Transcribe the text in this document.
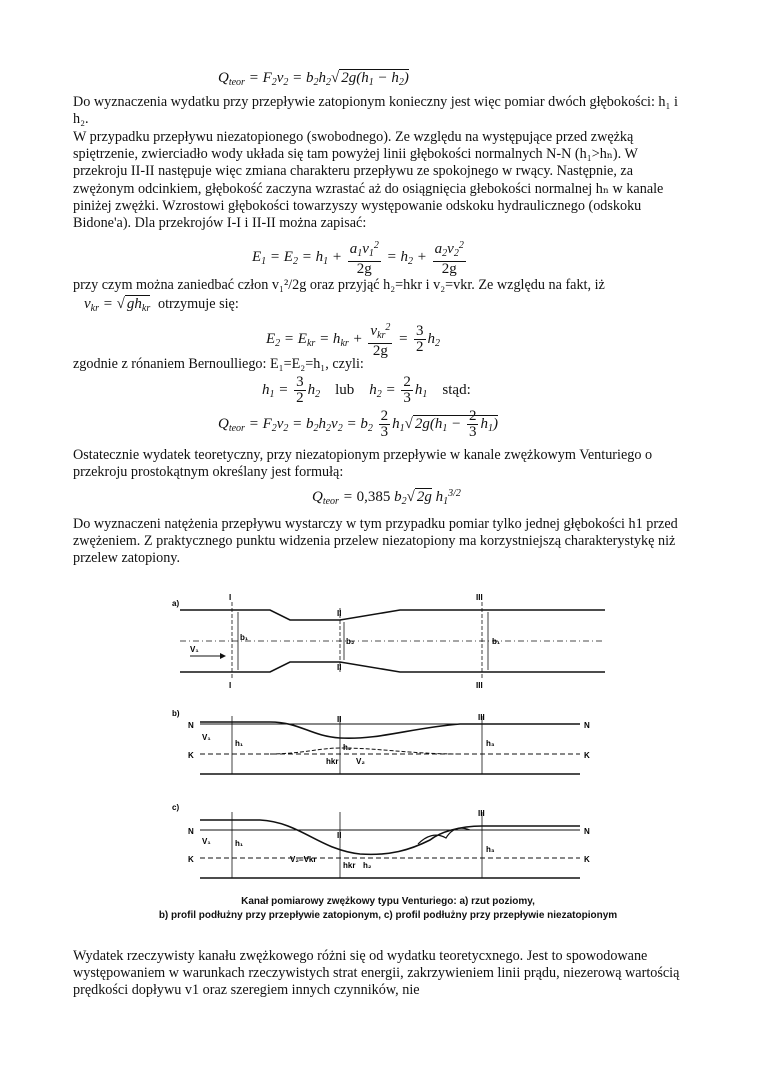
$Q_{teor} = F_2v_2 = b_2h_2√$ $2g(h_1 - h_2)$

Do wyznaczenia wydatku przy przepływie zatopionym konieczny jest więc pomiar dwóch głębokości: h₁ i h₂.

W przypadku przepływu niezatopionego (swobodnego). Ze względu na występujące przed zwężką spiętrzenie, zwierciadło wody układa się tam powyżej linii głębokości normalnych N-N (h₁>hₙ). W przekroju II-II następuje więc zmiana charakteru przepływu ze spokojnego w rwący. Następnie, za zwężonym odcinkiem, głębokość zaczyna wzrastać aż do osiągnięcia głebokości normalnej hₙ w kanale piniżej zwężki. Wzrostowi głębokości towarzyszy występowanie odskoku hydraulicznego (odskoku Bidone'a). Dla przekrojów I-I i II-II można zapisać:

$E_1 = E_2 = h_1 + \frac{a_1v_1^2}{2g} = h_2 + \frac{a_2v_2^2}{2g}$

przy czym można zaniedbać człon v₁²/2g oraz przyjąć h₂=hkr i v₂=vkr. Ze względu na fakt, iż

$v_{kr}$ = √ $gh_{kr}$ otrzymuje się:

$E_2 = E_{kr} = h_{kr} + \frac{v_{kr}^2}{2g} = \frac{3}{2} h_2$

zgodnie z rónaniem Bernoulliego: E₁=E₂=h₁, czyli:

$h_1 = \frac{3}{2} h_2$    lub    $h_2 = \frac{2}{3} h_1$    stąd:
$Q_{teor} = F_2v_2 = b_2h_2v_2 = b_2 \frac{2}{3} h_1√$ $2g(h_1 - \frac{2}{3} h_1)$

Ostatecznie wydatek teoretyczny, przy niezatopionym przepływie w kanale zwężkowym Venturiego o przekroju prostokątnym określany jest formułą:

$Q_{teor} = 0,385$ $b_2√$ 2g $h_1^{3/2}$

Do wyznaczeni natężenia przepływu wystarczy w tym przypadku pomiar tylko jednej głębokości h1 przed zwężeniem. Z praktycznego punktu widzenia przelew niezatopiony ma korzystniejszą charakterystykę niż przelew zatopiony.

a)
I
I
II
II
III
III
b₁	b₂	b₁
V₁
b)
N	N
K	K
II	III
h₁	h₂
hkr
h₃
V₁
V₂
c)
N	N
K	K
II
III
h₁
hkr h₂
h₃
V₁
V₂=Vkr
Kanał pomiarowy zwężkowy typu Venturiego: a) rzut poziomy,
b) profil podłużny przy przepływie zatopionym, c) profil podłużny przy przepływie niezatopionym

Wydatek rzeczywisty kanału zwężkowego różni się od wydatku teoretycxnego. Jest to spowodowane występowaniem w warunkach rzeczywistych strat energii, zakrzywieniem linii prądu, niezerową wartością prędkości dopływu v1 oraz szeregiem innych czynników, nie
